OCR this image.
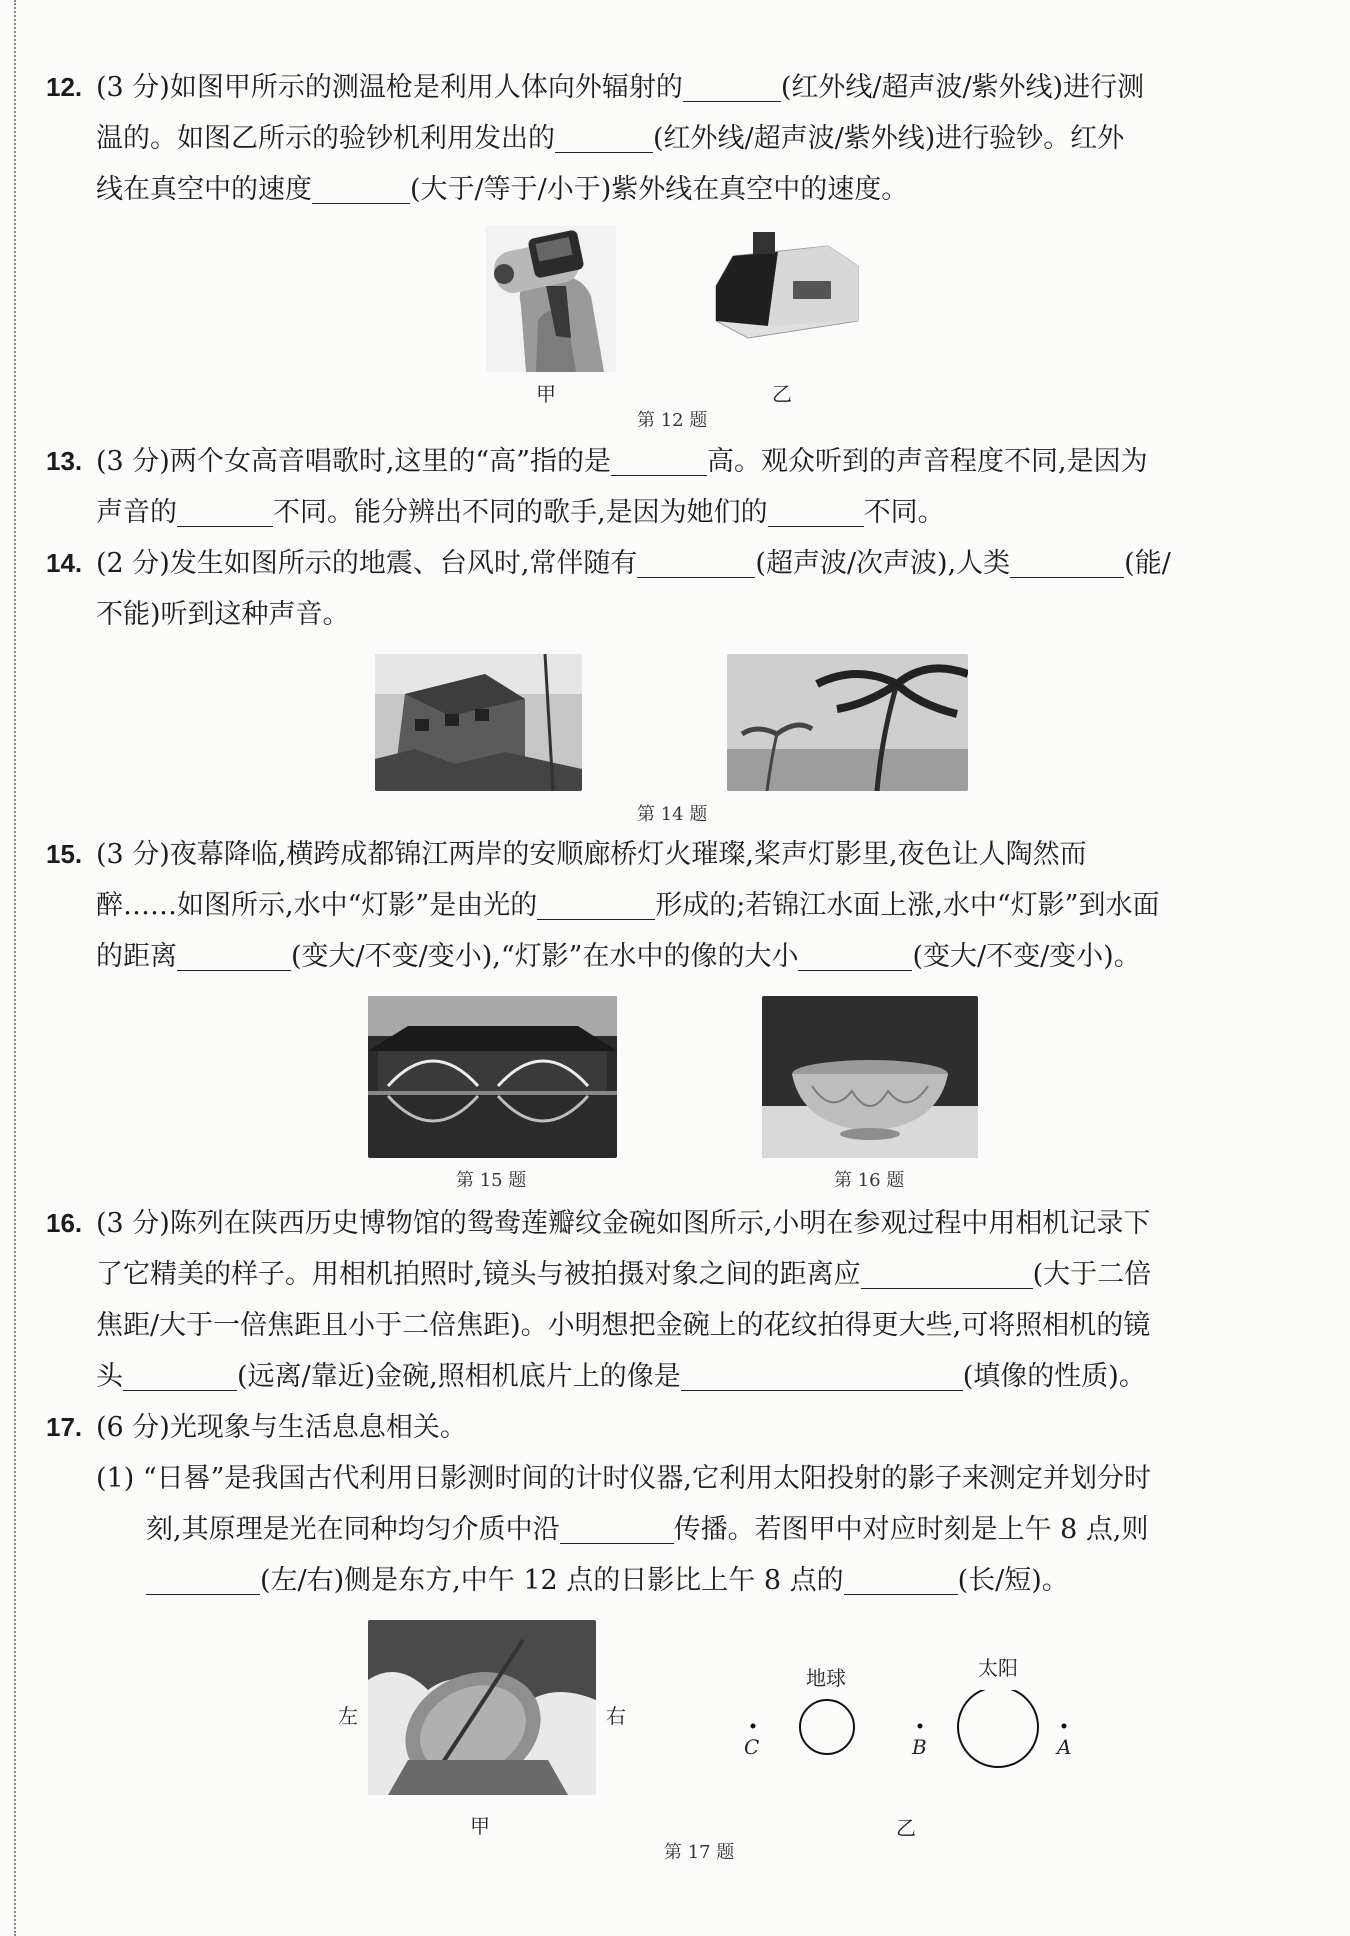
12. (3 分)如图甲所示的测温枪是利用人体向外辐射的	(红外线/超声波/紫外线)进行测
温的。如图乙所示的验钞机利用发出的	(红外线/超声波/紫外线)进行验钞。红外
线在真空中的速度	(大于/等于/小于)紫外线在真空中的速度。
甲	乙
第 12 题
13. (3 分)两个女高音唱歌时,这里的“高”指的是	高。观众听到的声音程度不同,是因为
声音的	不同。能分辨出不同的歌手,是因为她们的	不同。
14. (2 分)发生如图所示的地震、台风时,常伴随有	(超声波/次声波),人类	(能/
不能)听到这种声音。
第 14 题
15. (3 分)夜幕降临,横跨成都锦江两岸的安顺廊桥灯火璀璨,桨声灯影里,夜色让人陶然而
醉……如图所示,水中“灯影”是由光的	形成的;若锦江水面上涨,水中“灯影”到水面
的距离	(变大/不变/变小),“灯影”在水中的像的大小	(变大/不变/变小)。
第 15 题	第 16 题
16. (3 分)陈列在陕西历史博物馆的鸳鸯莲瓣纹金碗如图所示,小明在参观过程中用相机记录下
了它精美的样子。用相机拍照时,镜头与被拍摄对象之间的距离应	(大于二倍
焦距/大于一倍焦距且小于二倍焦距)。小明想把金碗上的花纹拍得更大些,可将照相机的镜
头	(远离/靠近)金碗,照相机底片上的像是	(填像的性质)。
17. (6 分)光现象与生活息息相关。
(1) “日晷”是我国古代利用日影测时间的计时仪器,它利用太阳投射的影子来测定并划分时
刻,其原理是光在同种均匀介质中沿	传播。若图甲中对应时刻是上午 8 点,则
(左/右)侧是东方,中午 12 点的日影比上午 8 点的	(长/短)。
左	右
甲
地球	太阳
C	B	A
乙
第 17 题
